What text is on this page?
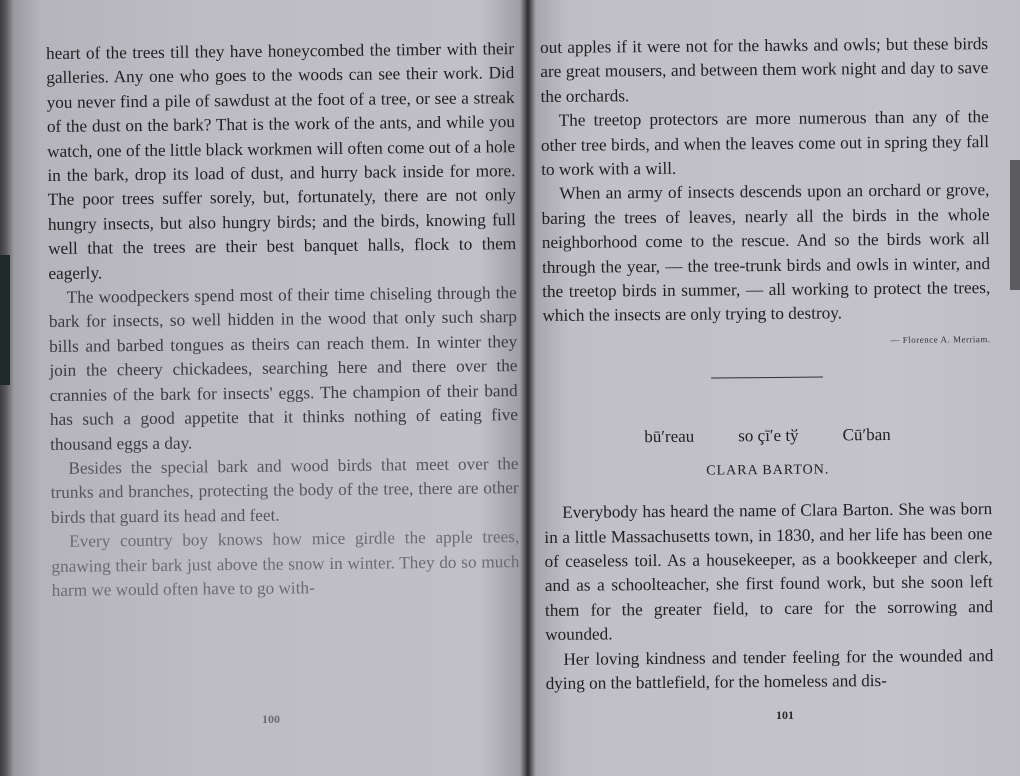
heart of the trees till they have honeycombed the timber with their galleries. Any one who goes to the woods can see their work. Did you never find a pile of sawdust at the foot of a tree, or see a streak of the dust on the bark? That is the work of the ants, and while you watch, one of the little black workmen will often come out of a hole in the bark, drop its load of dust, and hurry back inside for more. The poor trees suffer sorely, but, fortunately, there are not only hungry insects, but also hungry birds; and the birds, knowing full well that the trees are their best banquet halls, flock to them eagerly.

The woodpeckers spend most of their time chiseling through the bark for insects, so well hidden in the wood that only such sharp bills and barbed tongues as theirs can reach them. In winter they join the cheery chickadees, searching here and there over the crannies of the bark for insects' eggs. The champion of their band has such a good appetite that it thinks nothing of eating five thousand eggs a day.

Besides the special bark and wood birds that meet over the trunks and branches, protecting the body of the tree, there are other birds that guard its head and feet.

Every country boy knows how mice girdle the apple trees, gnawing their bark just above the snow in winter. They do so much harm we would often have to go with-

100

out apples if it were not for the hawks and owls; but these birds are great mousers, and between them work night and day to save the orchards.

The treetop protectors are more numerous than any of the other tree birds, and when the leaves come out in spring they fall to work with a will.

When an army of insects descends upon an orchard or grove, baring the trees of leaves, nearly all the birds in the whole neighborhood come to the rescue. And so the birds work all through the year, — the tree-trunk birds and owls in winter, and the treetop birds in summer, — all working to protect the trees, which the insects are only trying to destroy.

— Florence A. Merriam.
bū′reau	so çī′e tў	Cū′ban
CLARA BARTON.

Everybody has heard the name of Clara Barton. She was born in a little Massachusetts town, in 1830, and her life has been one of ceaseless toil. As a housekeeper, as a bookkeeper and clerk, and as a schoolteacher, she first found work, but she soon left them for the greater field, to care for the sorrowing and wounded.

Her loving kindness and tender feeling for the wounded and dying on the battlefield, for the homeless and dis-

101
